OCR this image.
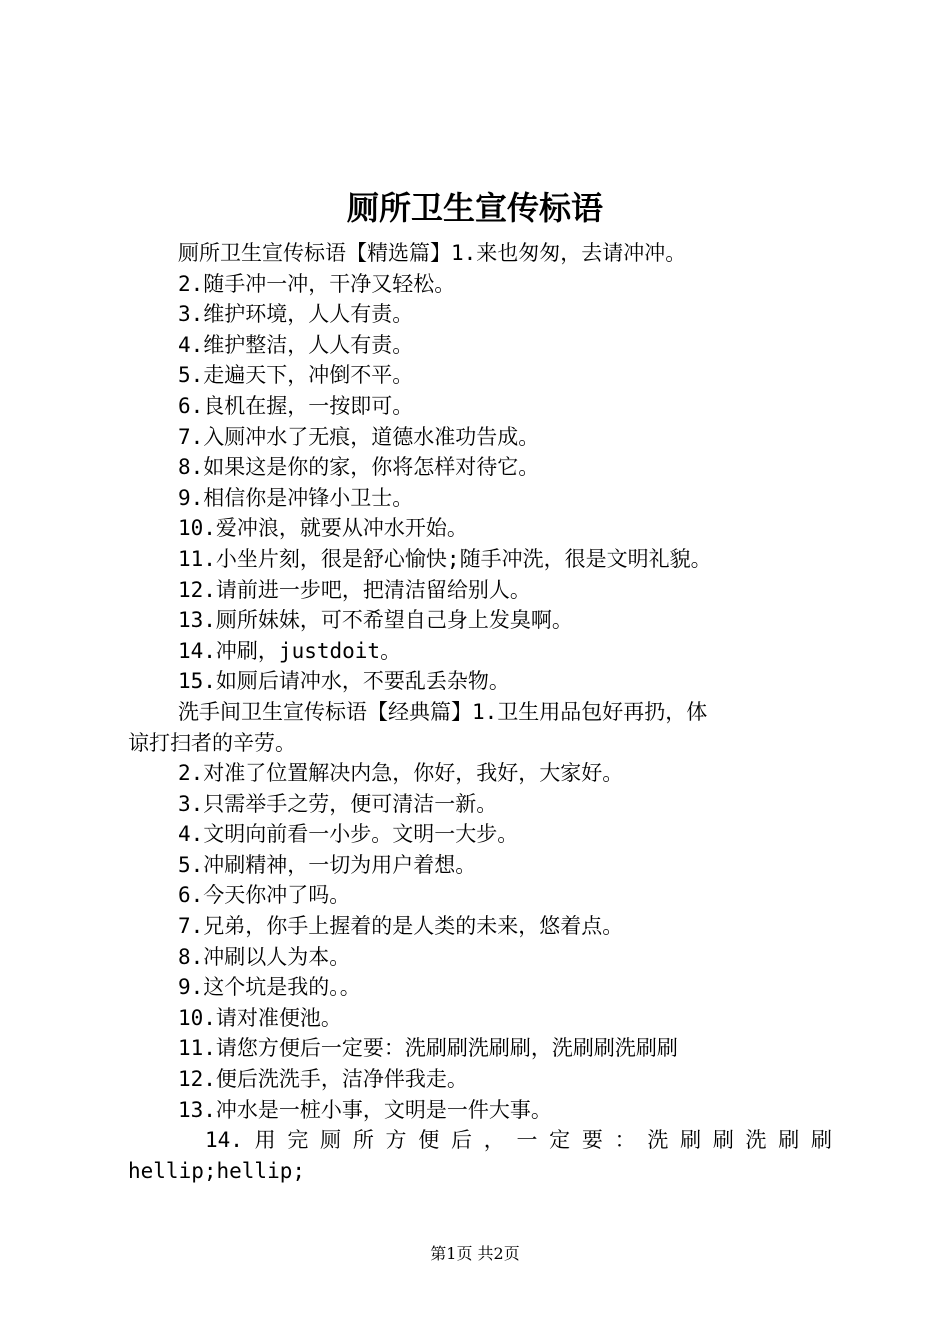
厕所卫生宣传标语
厕所卫生宣传标语【精选篇】1.来也匆匆，去请冲冲。
2.随手冲一冲，干净又轻松。
3.维护环境，人人有责。
4.维护整洁，人人有责。
5.走遍天下，冲倒不平。
6.良机在握，一按即可。
7.入厕冲水了无痕，道德水准功告成。
8.如果这是你的家，你将怎样对待它。
9.相信你是冲锋小卫士。
10.爱冲浪，就要从冲水开始。
11.小坐片刻，很是舒心愉快;随手冲洗，很是文明礼貌。
12.请前进一步吧，把清洁留给别人。
13.厕所妹妹，可不希望自己身上发臭啊。
14.冲刷，justdoit。
15.如厕后请冲水，不要乱丢杂物。
洗手间卫生宣传标语【经典篇】1.卫生用品包好再扔，体
谅打扫者的辛劳。
2.对准了位置解决内急，你好，我好，大家好。
3.只需举手之劳，便可清洁一新。
4.文明向前看一小步。文明一大步。
5.冲刷精神，一切为用户着想。
6.今天你冲了吗。
7.兄弟，你手上握着的是人类的未来，悠着点。
8.冲刷以人为本。
9.这个坑是我的。。
10.请对准便池。
11.请您方便后一定要：洗刷刷洗刷刷，洗刷刷洗刷刷
12.便后洗洗手，洁净伴我走。
13.冲水是一桩小事，文明是一件大事。
14.用完厕所方便后，一定要：洗刷刷洗刷刷
hellip;hellip;
第1页 共2页
